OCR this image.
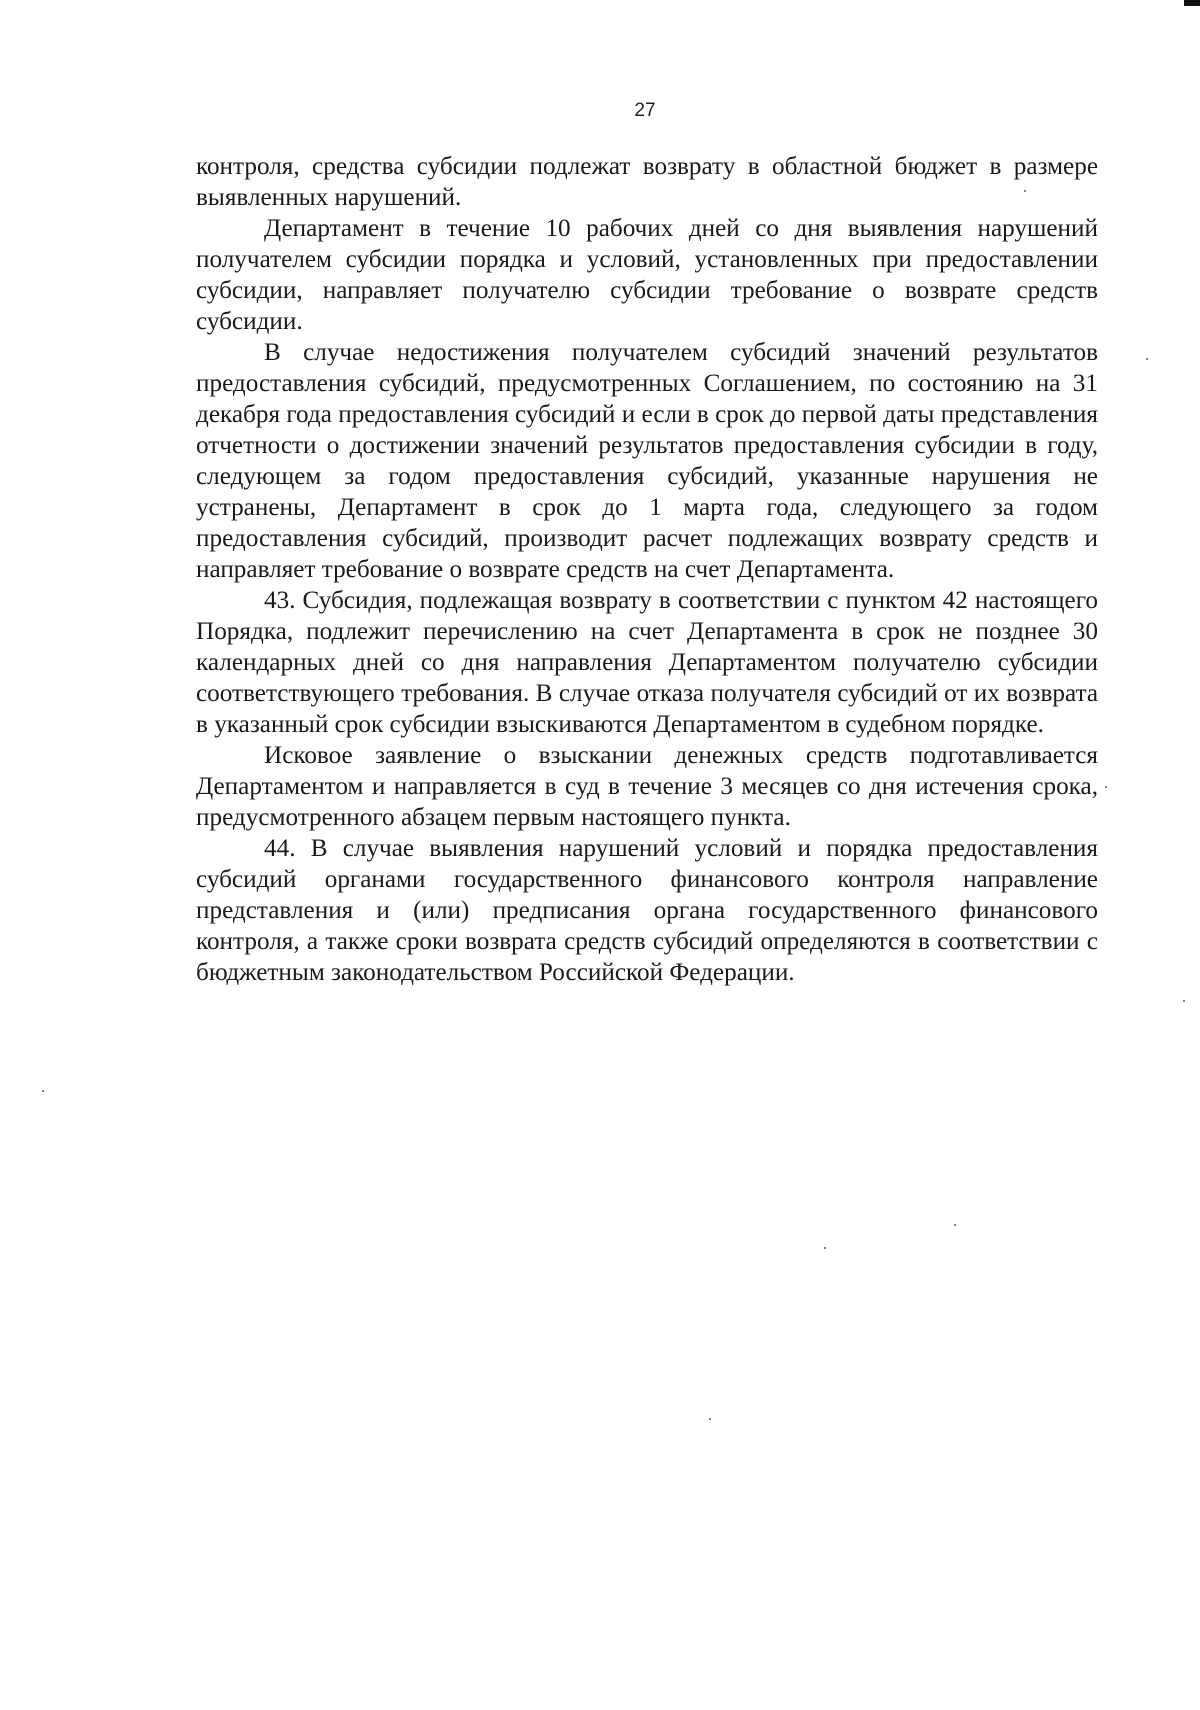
27

контроля, средства субсидии подлежат возврату в областной бюджет в размере выявленных нарушений.

Департамент в течение 10 рабочих дней со дня выявления нарушений получателем субсидии порядка и условий, установленных при предоставлении субсидии, направляет получателю субсидии требование о возврате средств субсидии.

В случае недостижения получателем субсидий значений результатов предоставления субсидий, предусмотренных Соглашением, по состоянию на 31 декабря года предоставления субсидий и если в срок до первой даты представления отчетности о достижении значений результатов предоставления субсидии в году, следующем за годом предоставления субсидий, указанные нарушения не устранены, Департамент в срок до 1 марта года, следующего за годом предоставления субсидий, производит расчет подлежащих возврату средств и направляет требование о возврате средств на счет Департамента.

43. Субсидия, подлежащая возврату в соответствии с пунктом 42 настоящего Порядка, подлежит перечислению на счет Департамента в срок не позднее 30 календарных дней со дня направления Департаментом получателю субсидии соответствующего требования. В случае отказа получателя субсидий от их возврата в указанный срок субсидии взыскиваются Департаментом в судебном порядке.

Исковое заявление о взыскании денежных средств подготавливается Департаментом и направляется в суд в течение 3 месяцев со дня истечения срока, предусмотренного абзацем первым настоящего пункта.

44. В случае выявления нарушений условий и порядка предоставления субсидий органами государственного финансового контроля направление представления и (или) предписания органа государственного финансового контроля, а также сроки возврата средств субсидий определяются в соответствии с бюджетным законодательством Российской Федерации.
